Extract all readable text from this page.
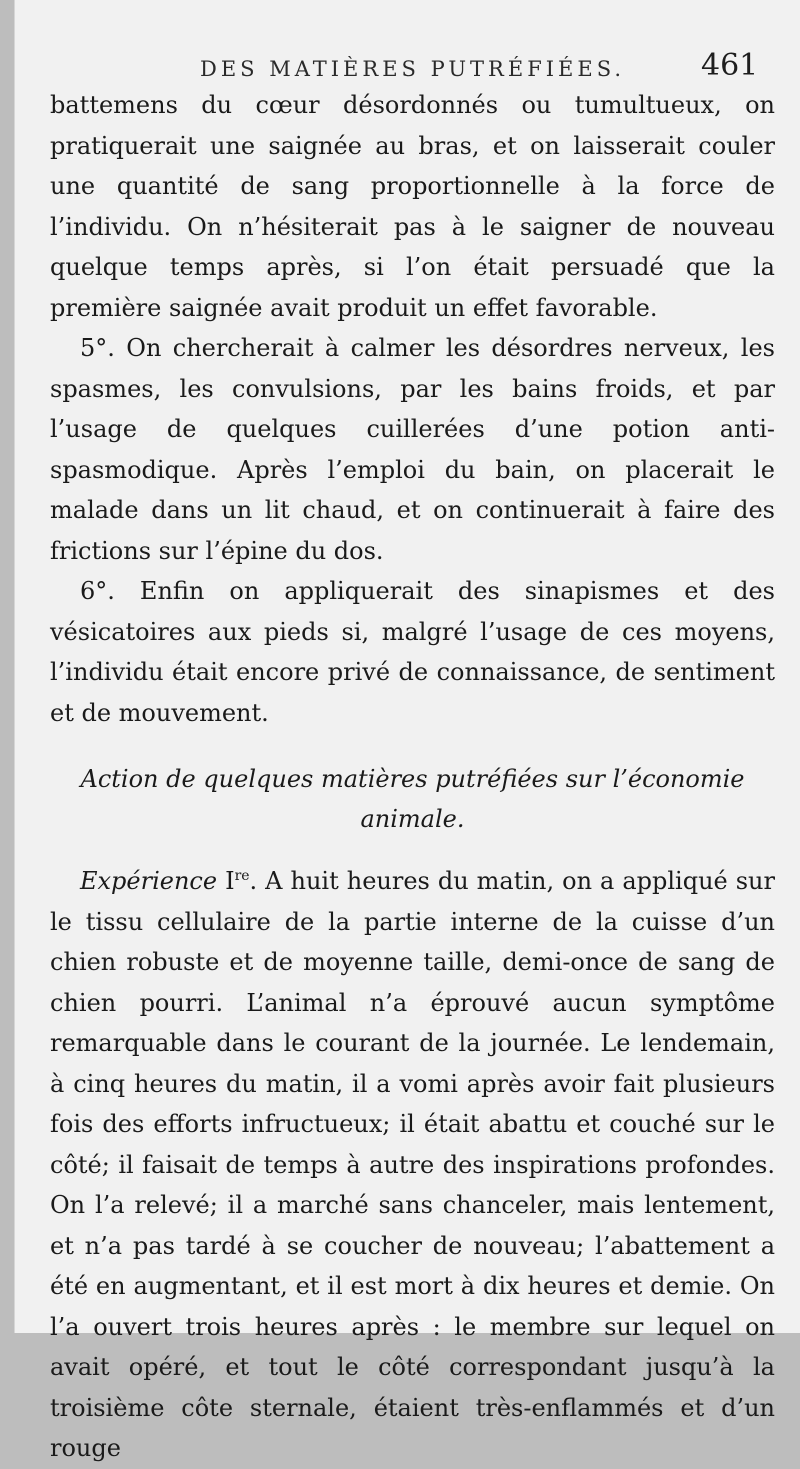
DES MATIÈRES PUTRÉFIÉES.	461

battemens du cœur désordonnés ou tumultueux, on pratiquerait une saignée au bras, et on laisserait couler une quantité de sang proportionnelle à la force de l’individu. On n’hésiterait pas à le saigner de nouveau quelque temps après, si l’on était persuadé que la première saignée avait produit un effet favorable.

5°. On chercherait à calmer les désordres nerveux, les spasmes, les convulsions, par les bains froids, et par l’usage de quelques cuillerées d’une potion anti-spasmodique. Après l’emploi du bain, on placerait le malade dans un lit chaud, et on continuerait à faire des frictions sur l’épine du dos.

6°. Enfin on appliquerait des sinapismes et des vésicatoires aux pieds si, malgré l’usage de ces moyens, l’individu était encore privé de connaissance, de sentiment et de mouvement.

Action de quelques matières putréfiées sur l’économie animale.

Expérience Ire. A huit heures du matin, on a appliqué sur le tissu cellulaire de la partie interne de la cuisse d’un chien robuste et de moyenne taille, demi-once de sang de chien pourri. L’animal n’a éprouvé aucun symptôme remarquable dans le courant de la journée. Le lendemain, à cinq heures du matin, il a vomi après avoir fait plusieurs fois des efforts infructueux; il était abattu et couché sur le côté; il faisait de temps à autre des inspirations profondes. On l’a relevé; il a marché sans chanceler, mais lentement, et n’a pas tardé à se coucher de nouveau; l’abattement a été en augmentant, et il est mort à dix heures et demie. On l’a ouvert trois heures après : le membre sur lequel on avait opéré, et tout le côté correspondant jusqu’à la troisième côte sternale, étaient très-enflammés et d’un rouge
